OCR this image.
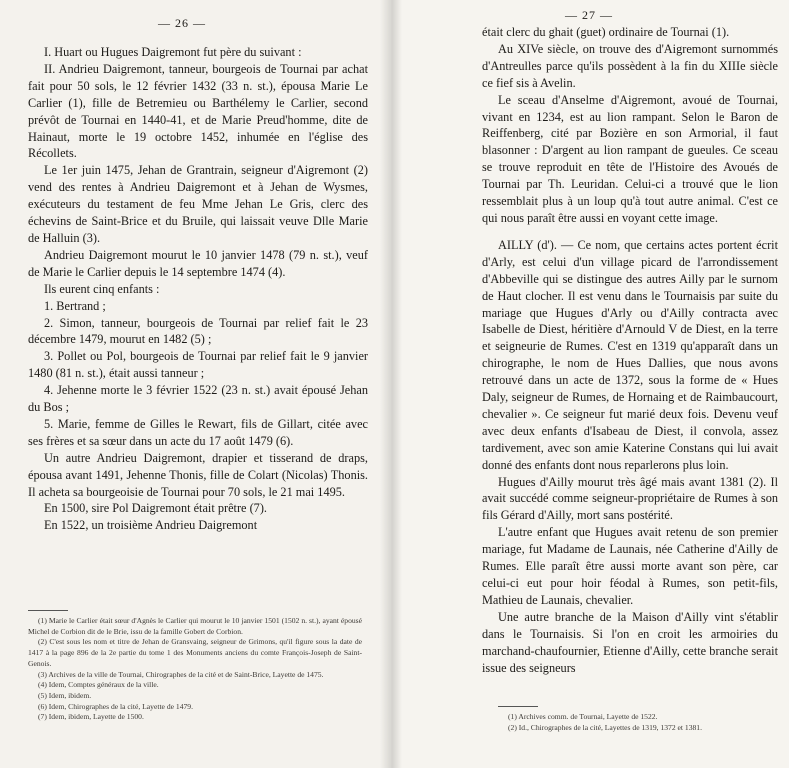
— 26 —

I. Huart ou Hugues Daigremont fut père du suivant :

II. Andrieu Daigremont, tanneur, bourgeois de Tournai par achat fait pour 50 sols, le 12 février 1432 (33 n. st.), épousa Marie Le Carlier (1), fille de Betremieu ou Barthélemy le Carlier, second prévôt de Tournai en 1440-41, et de Marie Preud'homme, dite de Hainaut, morte le 19 octobre 1452, inhumée en l'église des Récollets.

Le 1er juin 1475, Jehan de Grantrain, seigneur d'Aigremont (2) vend des rentes à Andrieu Daigremont et à Jehan de Wysmes, exécuteurs du testament de feu Mme Jehan Le Gris, clerc des échevins de Saint-Brice et du Bruile, qui laissait veuve Dlle Marie de Halluin (3).

Andrieu Daigremont mourut le 10 janvier 1478 (79 n. st.), veuf de Marie le Carlier depuis le 14 septembre 1474 (4).

Ils eurent cinq enfants :

1. Bertrand ;

2. Simon, tanneur, bourgeois de Tournai par relief fait le 23 décembre 1479, mourut en 1482 (5) ;

3. Pollet ou Pol, bourgeois de Tournai par relief fait le 9 janvier 1480 (81 n. st.), était aussi tanneur ;

4. Jehenne morte le 3 février 1522 (23 n. st.) avait épousé Jehan du Bos ;

5. Marie, femme de Gilles le Rewart, fils de Gillart, citée avec ses frères et sa sœur dans un acte du 17 août 1479 (6).

Un autre Andrieu Daigremont, drapier et tisserand de draps, épousa avant 1491, Jehenne Thonis, fille de Colart (Nicolas) Thonis. Il acheta sa bourgeoisie de Tournai pour 70 sols, le 21 mai 1495.

En 1500, sire Pol Daigremont était prêtre (7).

En 1522, un troisième Andrieu Daigremont

(1) Marie le Carlier était sœur d'Agnès le Carlier qui mourut le 10 janvier 1501 (1502 n. st.), ayant épousé Michel de Corbion dit de le Brie, issu de la famille Gobert de Corbion.

(2) C'est sous les nom et titre de Jehan de Gransvaing, seigneur de Grimons, qu'il figure sous la date de 1417 à la page 896 de la 2e partie du tome 1 des Monuments anciens du comte François-Joseph de Saint-Genois.

(3) Archives de la ville de Tournai, Chirographes de la cité et de Saint-Brice, Layette de 1475.

(4) Idem, Comptes généraux de la ville.

(5) Idem, ibidem.

(6) Idem, Chirographes de la cité, Layette de 1479.

(7) Idem, ibidem, Layette de 1500.

— 27 —

était clerc du ghait (guet) ordinaire de Tournai (1).

Au XIVe siècle, on trouve des d'Aigremont surnommés d'Antreulles parce qu'ils possèdent à la fin du XIIIe siècle ce fief sis à Avelin.

Le sceau d'Anselme d'Aigremont, avoué de Tournai, vivant en 1234, est au lion rampant. Selon le Baron de Reiffenberg, cité par Bozière en son Armorial, il faut blasonner : D'argent au lion rampant de gueules. Ce sceau se trouve reproduit en tête de l'Histoire des Avoués de Tournai par Th. Leuridan. Celui-ci a trouvé que le lion ressemblait plus à un loup qu'à tout autre animal. C'est ce qui nous paraît être aussi en voyant cette image.

AILLY (d'). — Ce nom, que certains actes portent écrit d'Arly, est celui d'un village picard de l'arrondissement d'Abbeville qui se distingue des autres Ailly par le surnom de Haut clocher. Il est venu dans le Tournaisis par suite du mariage que Hugues d'Arly ou d'Ailly contracta avec Isabelle de Diest, héritière d'Arnould V de Diest, en la terre et seigneurie de Rumes. C'est en 1319 qu'apparaît dans un chirographe, le nom de Hues Dallies, que nous avons retrouvé dans un acte de 1372, sous la forme de « Hues Daly, seigneur de Rumes, de Hornaing et de Raimbaucourt, chevalier ». Ce seigneur fut marié deux fois. Devenu veuf avec deux enfants d'Isabeau de Diest, il convola, assez tardivement, avec son amie Katerine Constans qui lui avait donné des enfants dont nous reparlerons plus loin.

Hugues d'Ailly mourut très âgé mais avant 1381 (2). Il avait succédé comme seigneur-propriétaire de Rumes à son fils Gérard d'Ailly, mort sans postérité.

L'autre enfant que Hugues avait retenu de son premier mariage, fut Madame de Launais, née Catherine d'Ailly de Rumes. Elle paraît être aussi morte avant son père, car celui-ci eut pour hoir féodal à Rumes, son petit-fils, Mathieu de Launais, chevalier.

Une autre branche de la Maison d'Ailly vint s'établir dans le Tournaisis. Si l'on en croit les armoiries du marchand-chaufournier, Etienne d'Ailly, cette branche serait issue des seigneurs

(1) Archives comm. de Tournai, Layette de 1522.

(2) Id., Chirographes de la cité, Layettes de 1319, 1372 et 1381.
